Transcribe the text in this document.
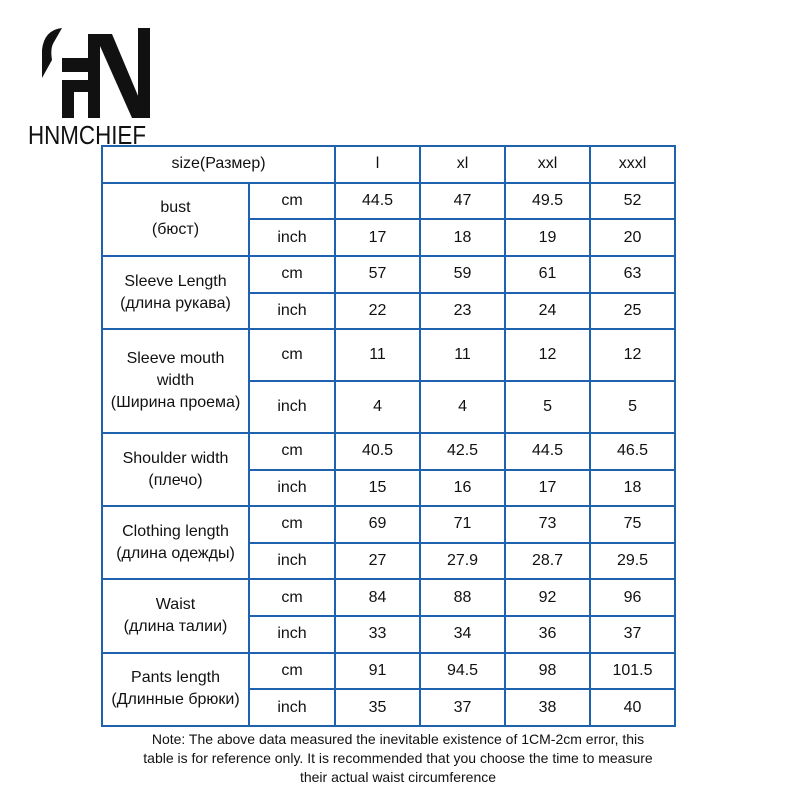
HNMCHIEF
size(Размер)		l	xl	xxl	xxxl

bust
(бюст)	cm	44.5	47	49.5	52
	inch	17	18	19	20

Sleeve Length
(длина рукава)	cm	57	59	61	63
	inch	22	23	24	25

Sleeve mouth
width
(Ширина проема)	cm	11	11	12	12
	inch	4	4	5	5

Shoulder width
(плечо)	cm	40.5	42.5	44.5	46.5
	inch	15	16	17	18

Clothing length
(длина одежды)	cm	69	71	73	75
	inch	27	27.9	28.7	29.5

Waist
(длина талии)	cm	84	88	92	96
	inch	33	34	36	37

Pants length
(Длинные брюки)	cm	91	94.5	98	101.5
	inch	35	37	38	40
Note: The above data measured the inevitable existence of 1CM-2cm error, this
table is for reference only. It is recommended that you choose the time to measure
their actual waist circumference
